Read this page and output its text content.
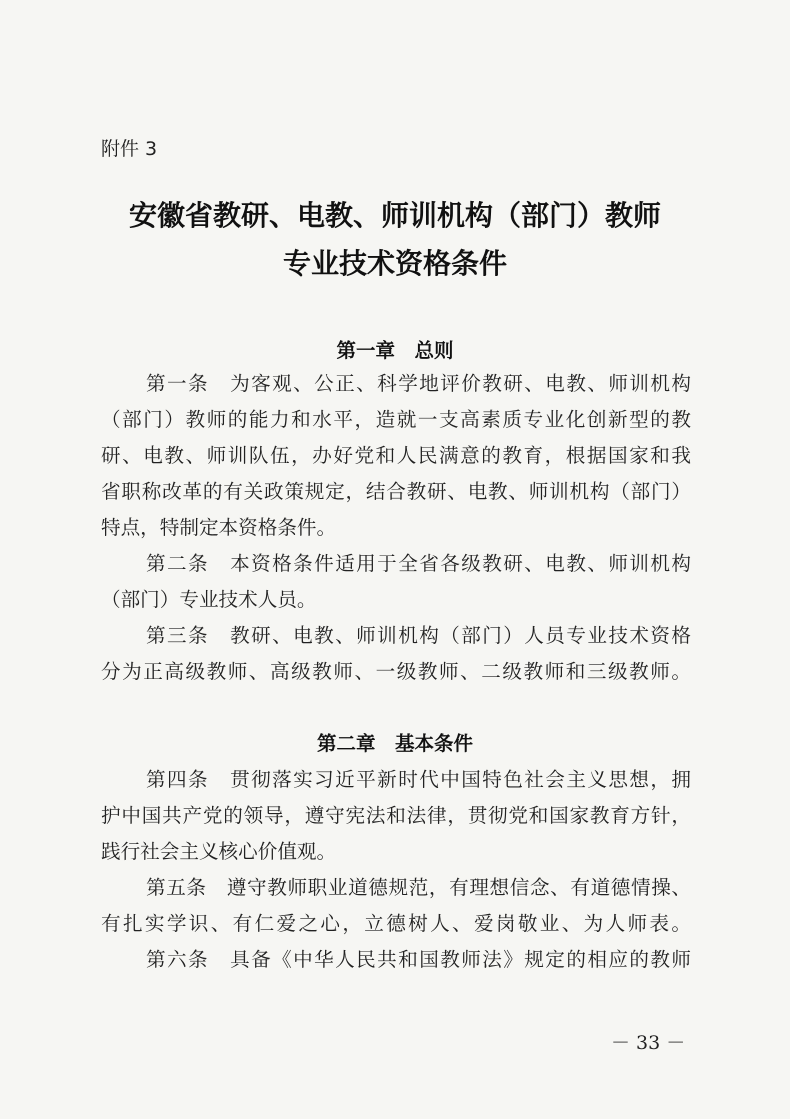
附件 3
安徽省教研、电教、师训机构（部门）教师
专业技术资格条件
第一章　总则
第一条　为客观、公正、科学地评价教研、电教、师训机构
（部门）教师的能力和水平，造就一支高素质专业化创新型的教
研、电教、师训队伍，办好党和人民满意的教育，根据国家和我
省职称改革的有关政策规定，结合教研、电教、师训机构（部门）
特点，特制定本资格条件。
第二条　本资格条件适用于全省各级教研、电教、师训机构
（部门）专业技术人员。
第三条　教研、电教、师训机构（部门）人员专业技术资格
分为正高级教师、高级教师、一级教师、二级教师和三级教师。
第二章　基本条件
第四条　贯彻落实习近平新时代中国特色社会主义思想，拥
护中国共产党的领导，遵守宪法和法律，贯彻党和国家教育方针，
践行社会主义核心价值观。
第五条　遵守教师职业道德规范，有理想信念、有道德情操、
有扎实学识、有仁爱之心，立德树人、爱岗敬业、为人师表。
第六条　具备《中华人民共和国教师法》规定的相应的教师
－ 33 －
